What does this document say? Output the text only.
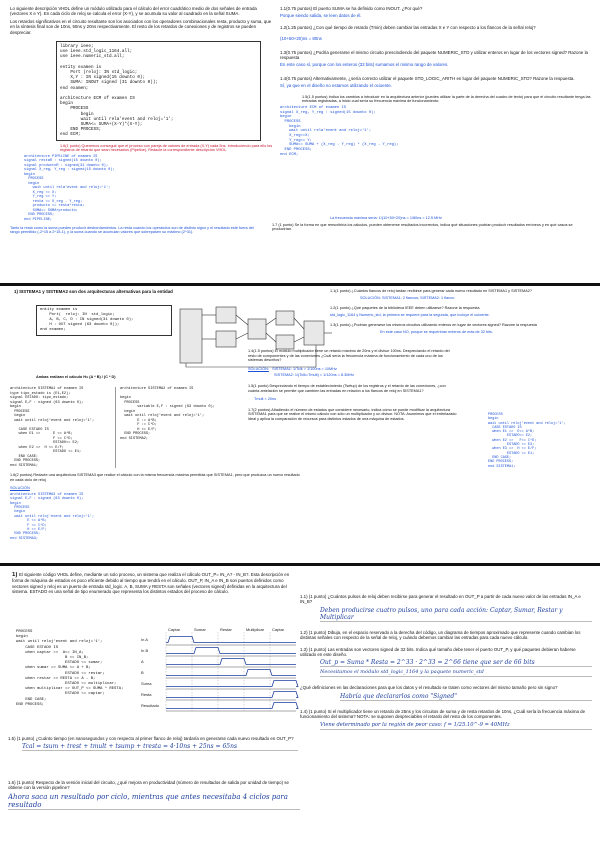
Lo siguiente descripción VHDL define un módulo utilizado para el cálculo del error cuadrático medio de dos señales de entrada (vectores X e Y). En cada ciclo de reloj se calcula el error (X-Y), y se acumula su valor al cuadrado en la señal SUMA.

Los retardos significativos en el circuito resultante son los asociados con los operadores combinacionales resta, producto y suma, que en la síntesis final son de 10ns, 50ns y 20ns respectivamente. El resto de los retardos de conexiones y de registros se pueden despreciar.

library ieee;
use ieee.std_logic_1164.all;
use ieee.numeric_std.all;

entity examen is
Port (reloj: IN std_logic;
X,Y : IN signed(15 downto 0);
SUMA: INOUT signed (31 downto 0));
end examen;

architecture ECM of examen IS
begin
PROCESS
begin
wait until rela'event and reloj='1';
SUMA<= SUMA+(X-Y)*(X-Y);
END PROCESS;
end ECM;

1.6(1 punto) Queremos conseguir que el proceso con pareja de valores de entrada (X,Y) cada 5ns. Introduciendo para ello los registros de retardo que sean necesarios (Pipeline). Redacte la correspondiente descripción VHDL.

architecture PIPELINE of examen IS
signal restaR : signed(15 downto 0);
signal productoR : signed(31 downto 0);
signal X_reg, Y_reg : signed(15 downto 0);
begin
PROCESS
begin
wait until rela'event and reloj='1';
X_reg <= X;
Y_reg <= Y;
resta <= X_reg - Y_reg;
producto <= resta*resta;
SUMA<= SUMA+producto;
END PROCESS;
end PIPELINE;

1.1(0.75 puntos) El puerto SUMA se ha definido como INOUT. ¿Por qué?

Porque siendo salida, se leen datos de él.

1.2(1.25 puntos) ¿Con qué tiempo de retardo (Tmin) deben cambiar las entradas X e Y con respecto a los flancos de la señal reloj?

(10+50+20)ns = 80ns

1.3(0.75 puntos) ¿Podría generarse el mismo circuito prescindiendo del paquete NUMERIC_STD y utilizar enteros en lugar de los vectores signed? Razone la respuesta

En este caso sí, porque con los enteros (32 bits) sumamos el mismo rango de valores.

1.4(0.75 puntos) Alternativamente, ¿sería correcto utilizar el paquete STD_LOGIC_ARITH en lugar del paquete NUMERIC_STD? Razone la respuesta.

Sí, ya que en el diseño no estamos utilizando el ocioente.

1.5(1.5 puntos) Indica los cambios a introducir en la arquitectura anterior (puedes utilizar la parte de la derecha del cuadro de texto) para que el circuito resultante tenga las entradas registradas, a inicio cual sería su frecuencia máxima de funcionamiento:

architecture ECM of examen IS
signal X_reg, Y_reg : signed(15 downto 0);
begin
PROCESS
begin
wait until rela'event and reloj='1';
X_reg<=X;
Y_reg<= Y;
SUMA<= SUMA + (X_reg - Y_reg) * (X_reg - Y_reg);
END PROCESS;
end ECM;

La frecuencia máxima sería: 1/(10+50+20)ns = 1/80ns = 12.5 MHz

1.7 (1 punto) Se la forma en que reescribiría los cálculos, pueden obtenerse resultados incorrectos, indica qué situaciones podrían producir resultados erróneos y en qué casos se producirían.

Tanto la resta como la suma pueden producir desbordamientos. La resta cuando los operandos son de distinto signo y el resultado esté fuera del rango permitido (-2^15 a 2^15-1), y la suma cuando se acumulan valores que sobrepasen su máximo (2^31).

1) SISTEMA1 y SISTEMA2 son dos arquitecturas alternativas para la entidad

entity examen is
Port(  reloj: IN  std_logic;
A, B, C, D : IN signed(31 downto 0);
H : OUT signed (63 downto 0));
end examen;

Ambas realizan el cálculo H= (A * B) / (C * D)

architecture SISTEMA1 of examen IS
type tipo_estado is (E1,E2);
signal ESTADO: tipo_estado;
signal E,F : signed (63 downto 0);
begin
PROCESS
begin
wait until reloj'event and reloj='1';

CASE ESTADO IS
when E1 =>      E <= A*B;
F <= C*D;
ESTADO<= E2;
when E2 =>  H <= E/F;
ESTADO <= E1;
END CASE;
END PROCESS;
end SISTEMA1;
architecture SISTEMA2 of examen IS

begin
PROCESS
variable E,F : signed (63 downto 0);
begin
wait until reloj'event and reloj='1';
E := A*B;
F := C*D;
H <= E/F;
END PROCESS;
end SISTEMA2;

1.6(2 puntos) Redacte una arquitectura SISTEMA3 que realice el cálculo con la misma frecuencia máxima permitida que SISTEMA1, pero que produzca un nuevo resultado en cada ciclo de reloj

SOLUCIÓN

architecture SISTEMA3 of examen IS
signal E,F : signed (63 downto 0);
begin
PROCESS
begin
wait until reloj'event and reloj='1';
E <= A*B;
F <= C*D;
H <= E/F;
END PROCESS;
end SISTEMA3;

1.1(1 punto) ¿Cuántos flancos de reloj tardan recibirse para generar cada nuevo resultado en SISTEMA1 y SISTEMA2?

SOLUCIÓN: SISTEMA1: 2 flancos; SISTEMA2: 1 flanco

1.2(1 punto) ¿Qué paquetes de la biblioteca IEEE deben utilizarse? Razone la respuesta

std_logic_1164 y Numeric_std, la primera se requiere para la segunda, que incluye el ocioente.

1.3(1 punto) ¿Podrían generarse los mismos circuitos utilizando enteros en lugar de vectores signed? Razone la respuesta

En este caso NO, porque se requerirían enteros de más de 32 bits.

1.4(1.5 puntos) El módulo multiplicador tiene un retardo máximo de 20ns y el divisor 100ns. Despreciando el retardo del resto de componentes y de las conexiones ¿Cuál sería la frecuencia máxima de funcionamiento de cada uno de los sistemas descritos?

SOLUCIÓN: SISTEMA1: 1/Tclk = 1/100ns = 10MHz

SISTEMA2: 1/(Tclk=Tmult) = 1/120ns = 8.3MHz

1.5(1 punto) Despreciando el tiempo de establecimiento (Tsetup) de los registros y el retardo de las conexiones, ¿con cuánta antelación se permite que cambien las entradas en relación a los flancos de reloj en SISTEMA1?

Tmult = 20ns

1.7(2 puntos) Añadiendo el número de estados que considere necesario, indica cómo se puede modificar la arquitectura SISTEMA1 para que se realice el mismo cálculo con sólo un multiplicador y un divisor. NOTA: Asumimos que el entrelazado ideal y aplica la comparación de recursos para distintos estados de una máquina de estados.

PROCESS
begin
wait until reloj'event and reloj='1';
CASE ESTADO IS
when E1 =>  E<= A*B;
ESTADO<= E2;
when E2 =>   F<= C*D;
ESTADO <= E3;
when E3 =>  H <= E/F;
ESTADO <= E1;
END CASE;
END PROCESS;
end SISTEMA1;

1) El siguiente código VHDL define, mediante un solo proceso, un sistema que realiza el cálculo OUT_P= IN_A? - IN_B?. Esta descripción en forma de máquina de estados es poco eficiente debido al tiempo que tendrá en el cálculo. OUT_P, IN_A e IN_B son puertos definidos como vectores signed y reloj es un puerto de entrada std_logic. A, B, SUMA y RESTA son señales (vectores signed) definidas en la arquitectura del sistema. ESTADO es una señal de tipo enumerado que representa los distintos estados del proceso de cálculo.

PROCESS
begin
wait until reloj'event and reloj='1';
CASE ESTADO IS
when captar =>  A<= IN_A;
B <= IN_B;
ESTADO <= sumar;
when sumar => SUMA <= A + B;
ESTADO <= restar;
when restar => RESTA <= A - B;
ESTADO <= multiplicar;
when multiplicar => OUT_P <= SUMA * RESTA;
ESTADO <= captar;
END CASE;
END PROCESS;
Captar	Sumar	Restar	Multiplicar Captar
In A
In B
A
B
Suma
Resta
Resultado

1.1) (1 punto) ¿Cuántos pulsos de reloj deben recibirse para generar el resultado en OUT_P a partir de cada nuevo valor de las entradas IN_A e IN_B?

Deben producirse cuatro pulsos, uno para cada acción: Captar, Sumar, Restar y Multiplicar

1.2) (1 punto) Dibuja, en el espacio reservado a la derecha del código, un diagrama de tiempos aproximado que represente cuando cambian los distintas señales con respecto de la señal de reloj, y cuándo debemos cambiar las entradas para cada nuevo cálculo.

1.3) (1 punto) Las entradas son vectores signed de 32 bits. Indica qué tamaño debe tener el puerto OUT_P, y qué paquetes debieran haberse utilizado en este diseño.

Out_p = Suma * Resta = 2^33 · 2^33 = 2^66 tiene que ser de 66 bits

Necesitamos el módulo std_logic_1164 y la paquete numeric_std

¿Qué definiciones en las declaraciones para que los datos y el resultado se traten como vectores del mismo tamaño pero sin signo?

Habría que declararlos como "Signed"

1.4) (1 punto) Si el multiplicador tiene un retardo de 25ns y los circuitos de suma y de resta retardos de 10ns, ¿Cuál sería la frecuencia máxima de funcionamiento del sistema? NOTA: se suponen despreciables el retardo del resto de los componentes.

Viene determinado por la región de peor caso: f = 1/25.10^-9 = 40MHz

1.5) (1 punto) ¿Cuánto tiempo (en nanosegundos y con respecto al primer flanco de reloj) tardaría en generarse cada nuevo resultado en OUT_P?

Tcal = tsum + trest + tmult + tsump + tresta = 4·10ns + 25ns = 65ns

1.6) (1 punto) Respecto de la versión inicial del circuito, ¿qué mejora en productividad (número de resultados de salida por unidad de tiempo) se obtiene con la versión pipeline?

Ahora saca un resultado por ciclo, mientras que antes necesitaba 4 ciclos para resultado
